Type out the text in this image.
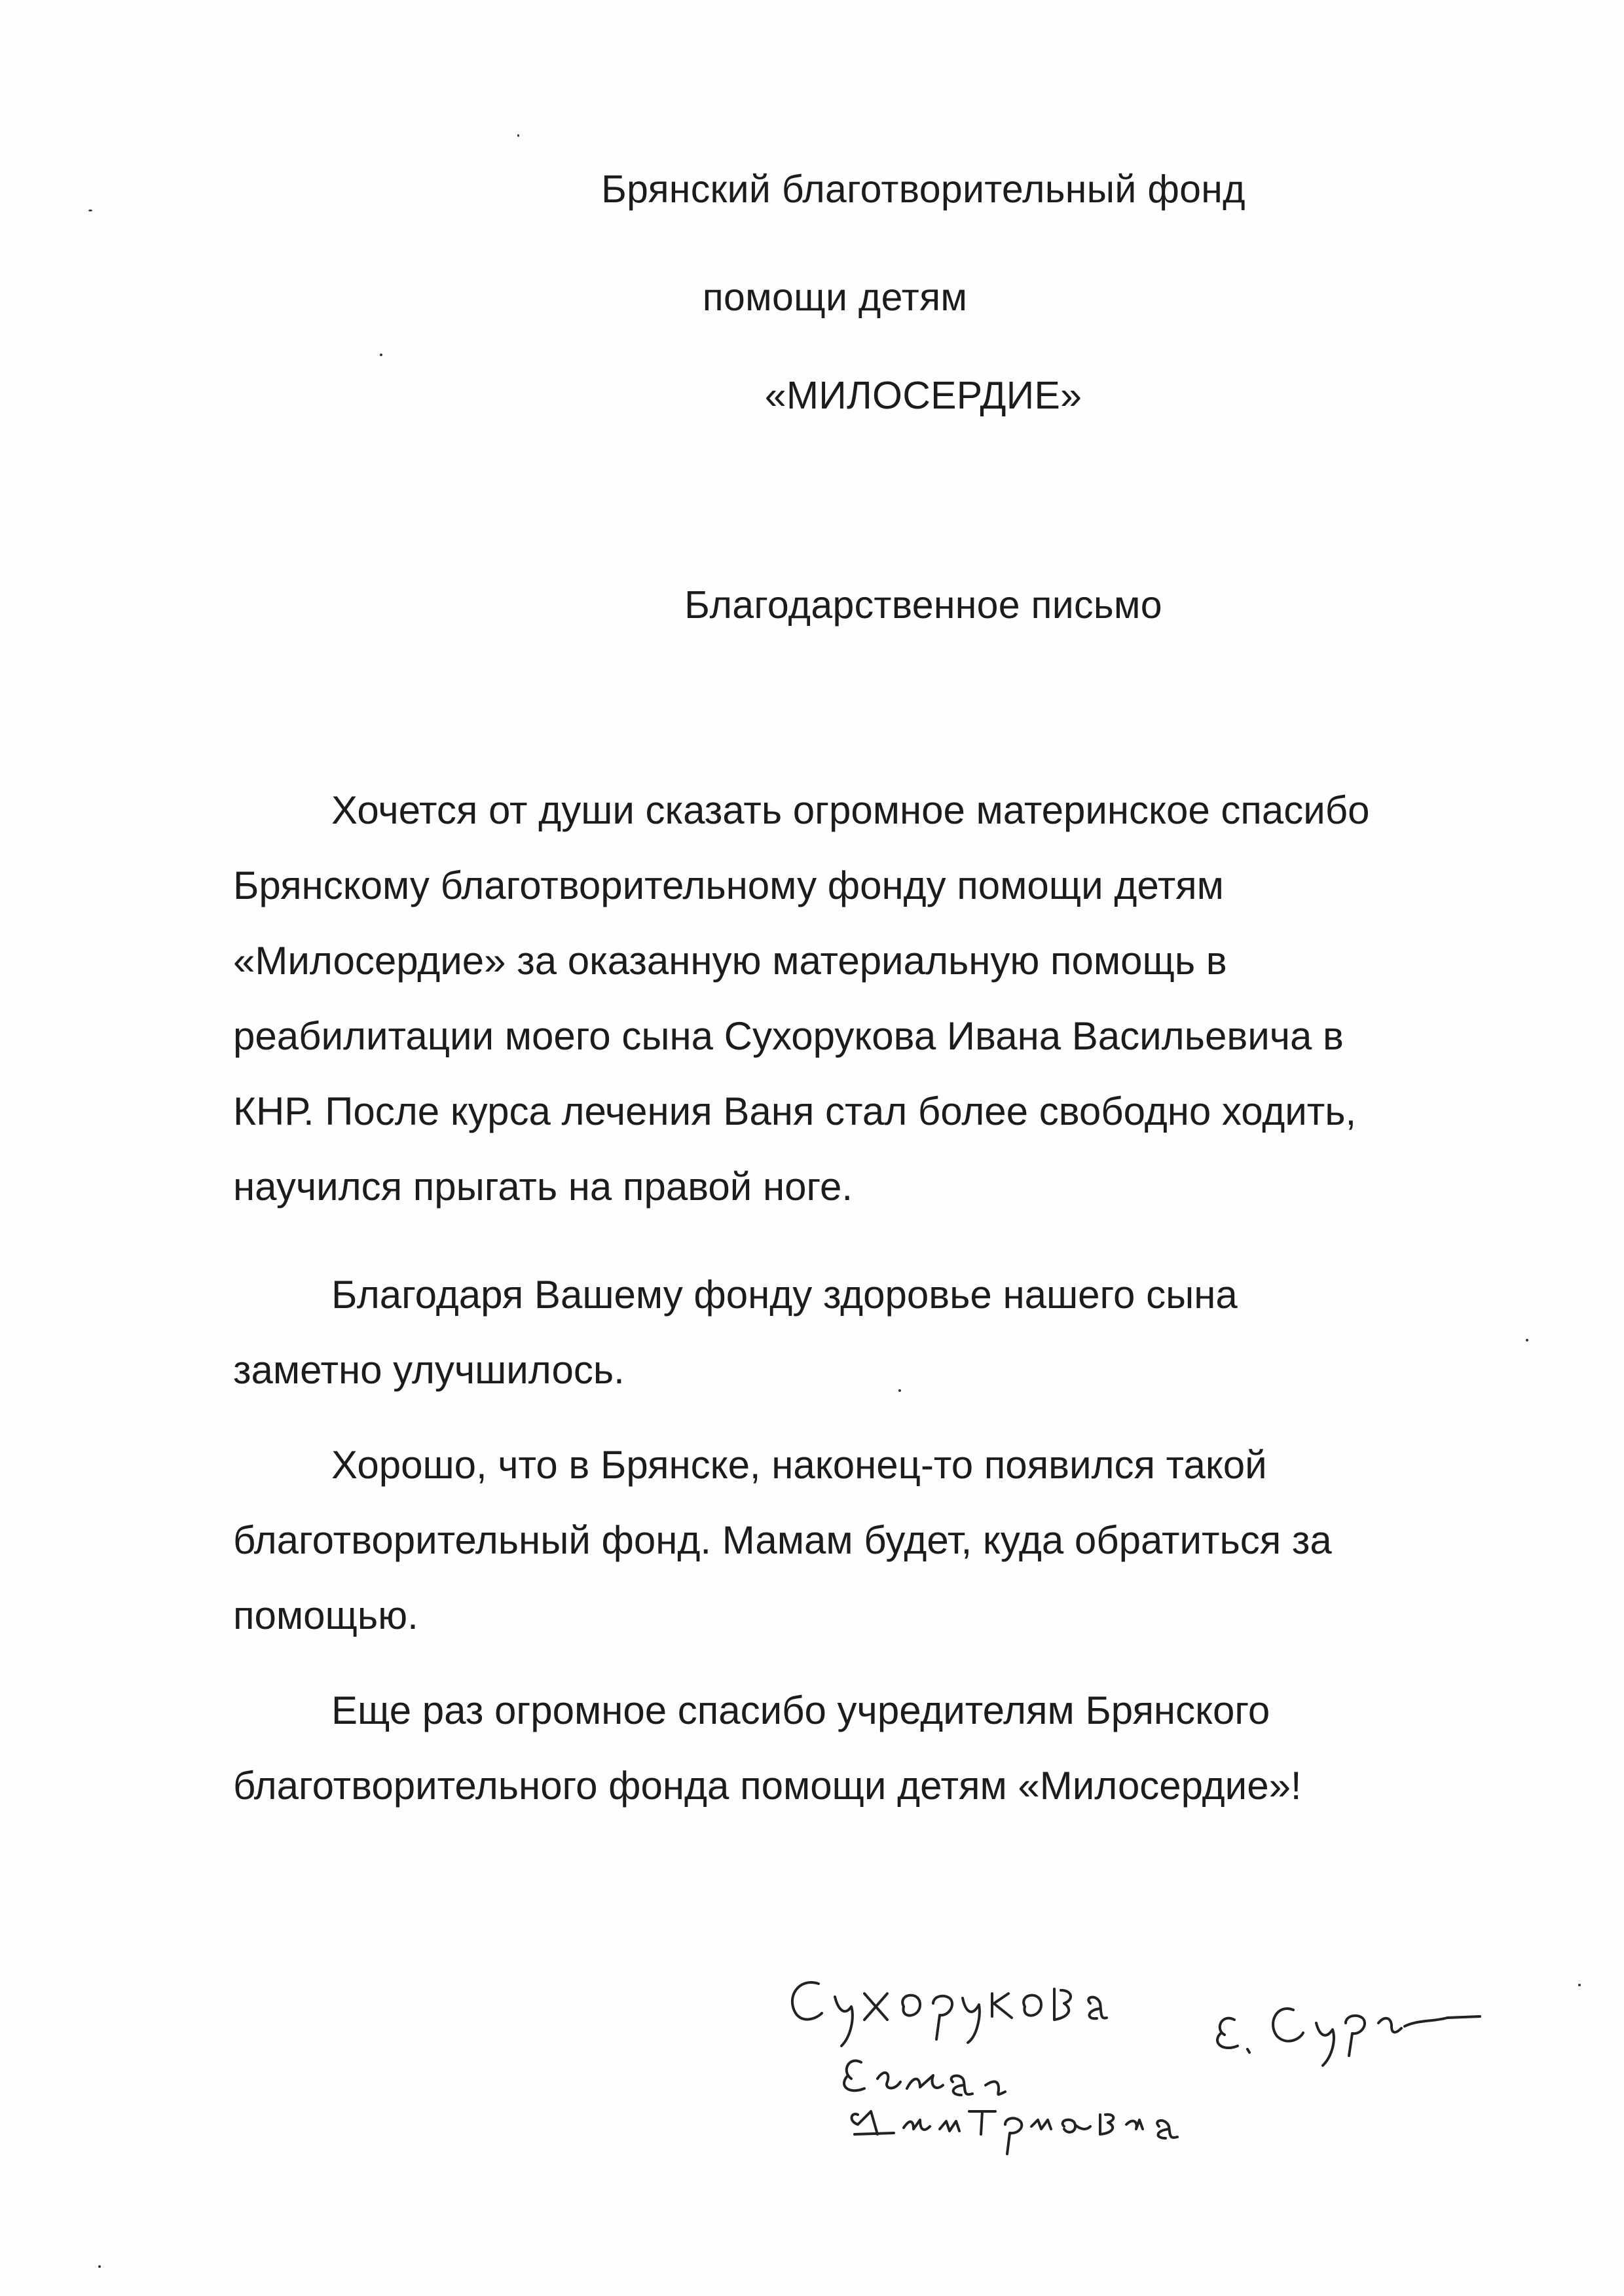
Брянский благотворительный фонд
помощи детям
«МИЛОСЕРДИЕ»
Благодарственное письмо
Хочется от души сказать огромное материнское спасибо
Брянскому благотворительному фонду помощи детям
«Милосердие» за оказанную материальную помощь в
реабилитации моего сына Сухорукова Ивана Васильевича в
КНР. После курса лечения Ваня стал более свободно ходить,
научился прыгать на правой ноге.
Благодаря Вашему фонду здоровье нашего сына
заметно улучшилось.
Хорошо, что в Брянске, наконец-то появился такой
благотворительный фонд. Мамам будет, куда обратиться за
помощью.
Еще раз огромное спасибо учредителям Брянского
благотворительного фонда помощи детям «Милосердие»!
